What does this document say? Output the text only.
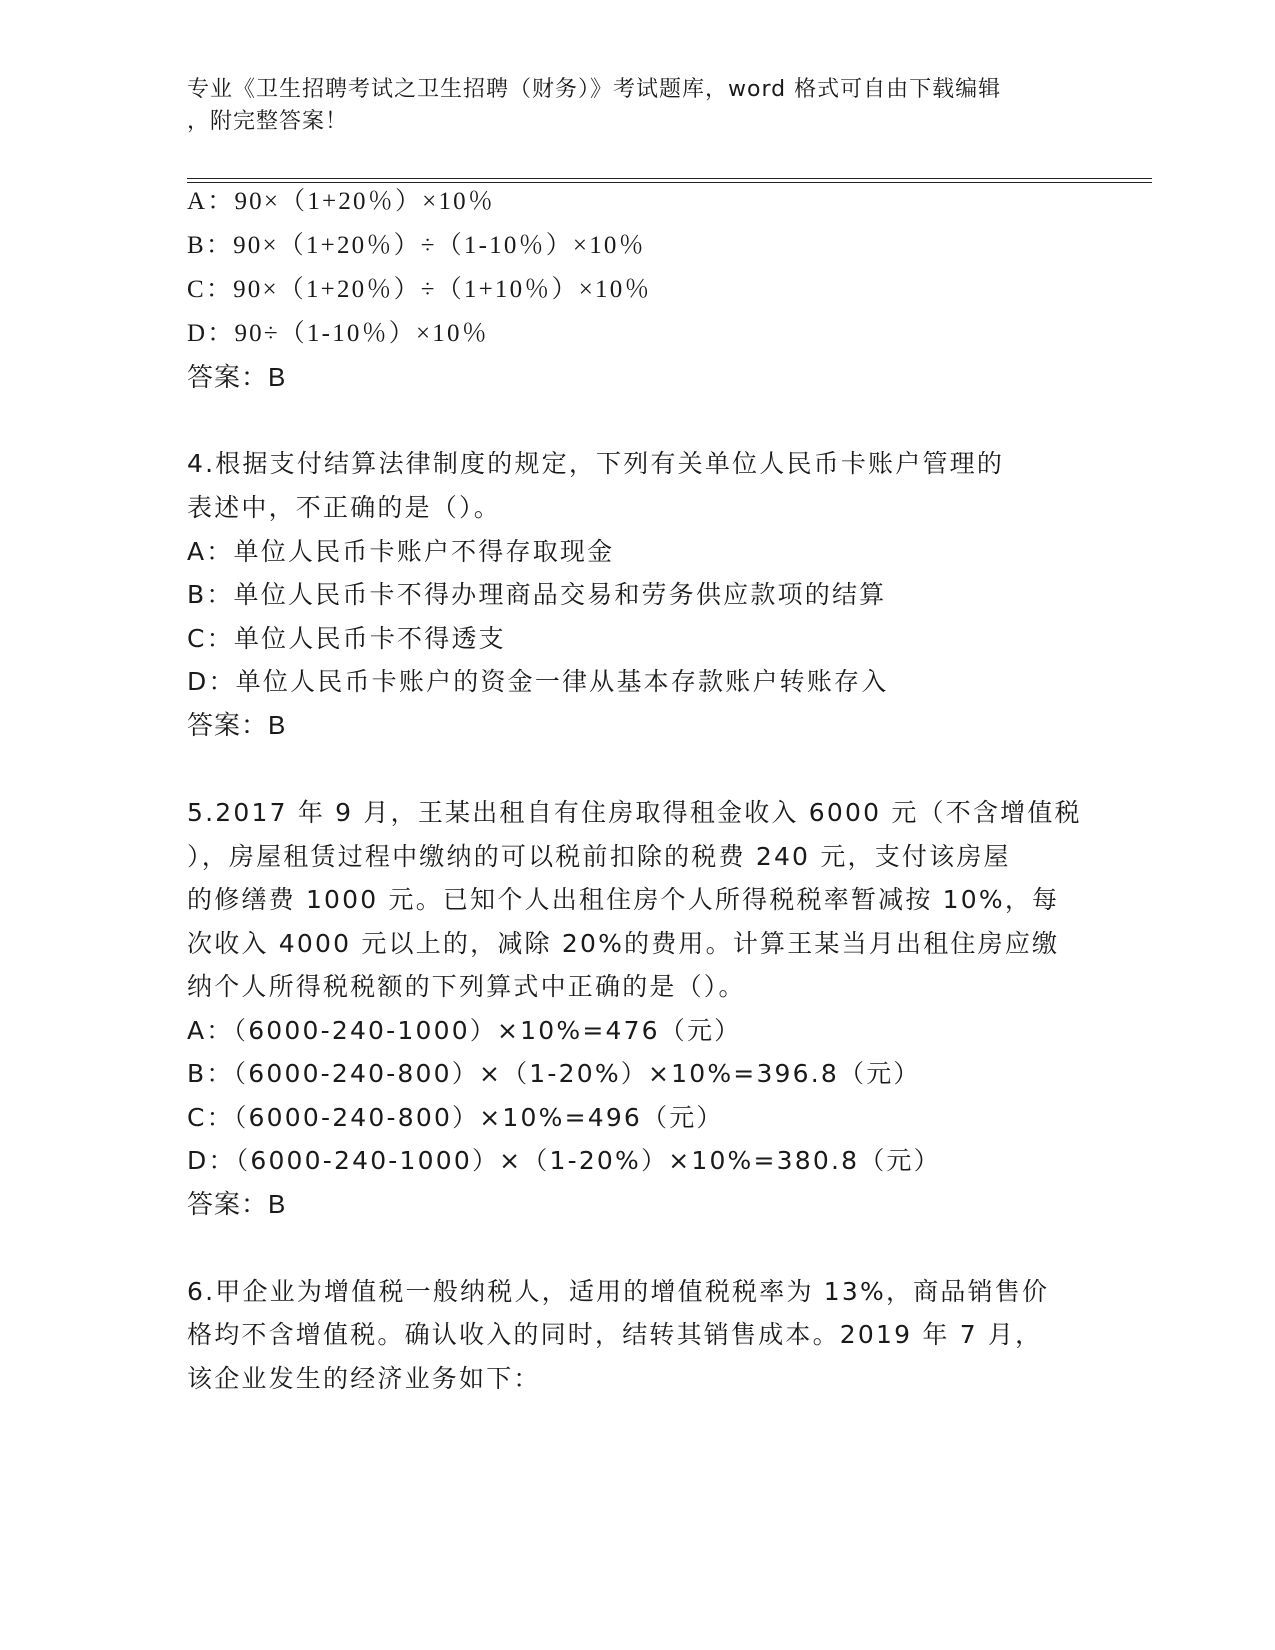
专业《卫生招聘考试之卫生招聘（财务）》考试题库，word 格式可自由下载编辑
，附完整答案！
A：90×（1+20％）×10％
B：90×（1+20％）÷（1-10％）×10％
C：90×（1+20％）÷（1+10％）×10％
D：90÷（1-10％）×10％
答案：B
4.根据支付结算法律制度的规定，下列有关单位人民币卡账户管理的
表述中，不正确的是（）。
A：单位人民币卡账户不得存取现金
B：单位人民币卡不得办理商品交易和劳务供应款项的结算
C：单位人民币卡不得透支
D：单位人民币卡账户的资金一律从基本存款账户转账存入
答案：B
5.2017 年 9 月，王某出租自有住房取得租金收入 6000 元（不含增值税
），房屋租赁过程中缴纳的可以税前扣除的税费 240 元，支付该房屋
的修缮费 1000 元。已知个人出租住房个人所得税税率暂减按 10%，每
次收入 4000 元以上的，减除 20%的费用。计算王某当月出租住房应缴
纳个人所得税税额的下列算式中正确的是（）。
A：（6000-240-1000）×10%=476（元）
B：（6000-240-800）×（1-20%）×10%=396.8（元）
C：（6000-240-800）×10%=496（元）
D：（6000-240-1000）×（1-20%）×10%=380.8（元）
答案：B
6.甲企业为增值税一般纳税人，适用的增值税税率为 13%，商品销售价
格均不含增值税。确认收入的同时，结转其销售成本。2019 年 7 月，
该企业发生的经济业务如下：
